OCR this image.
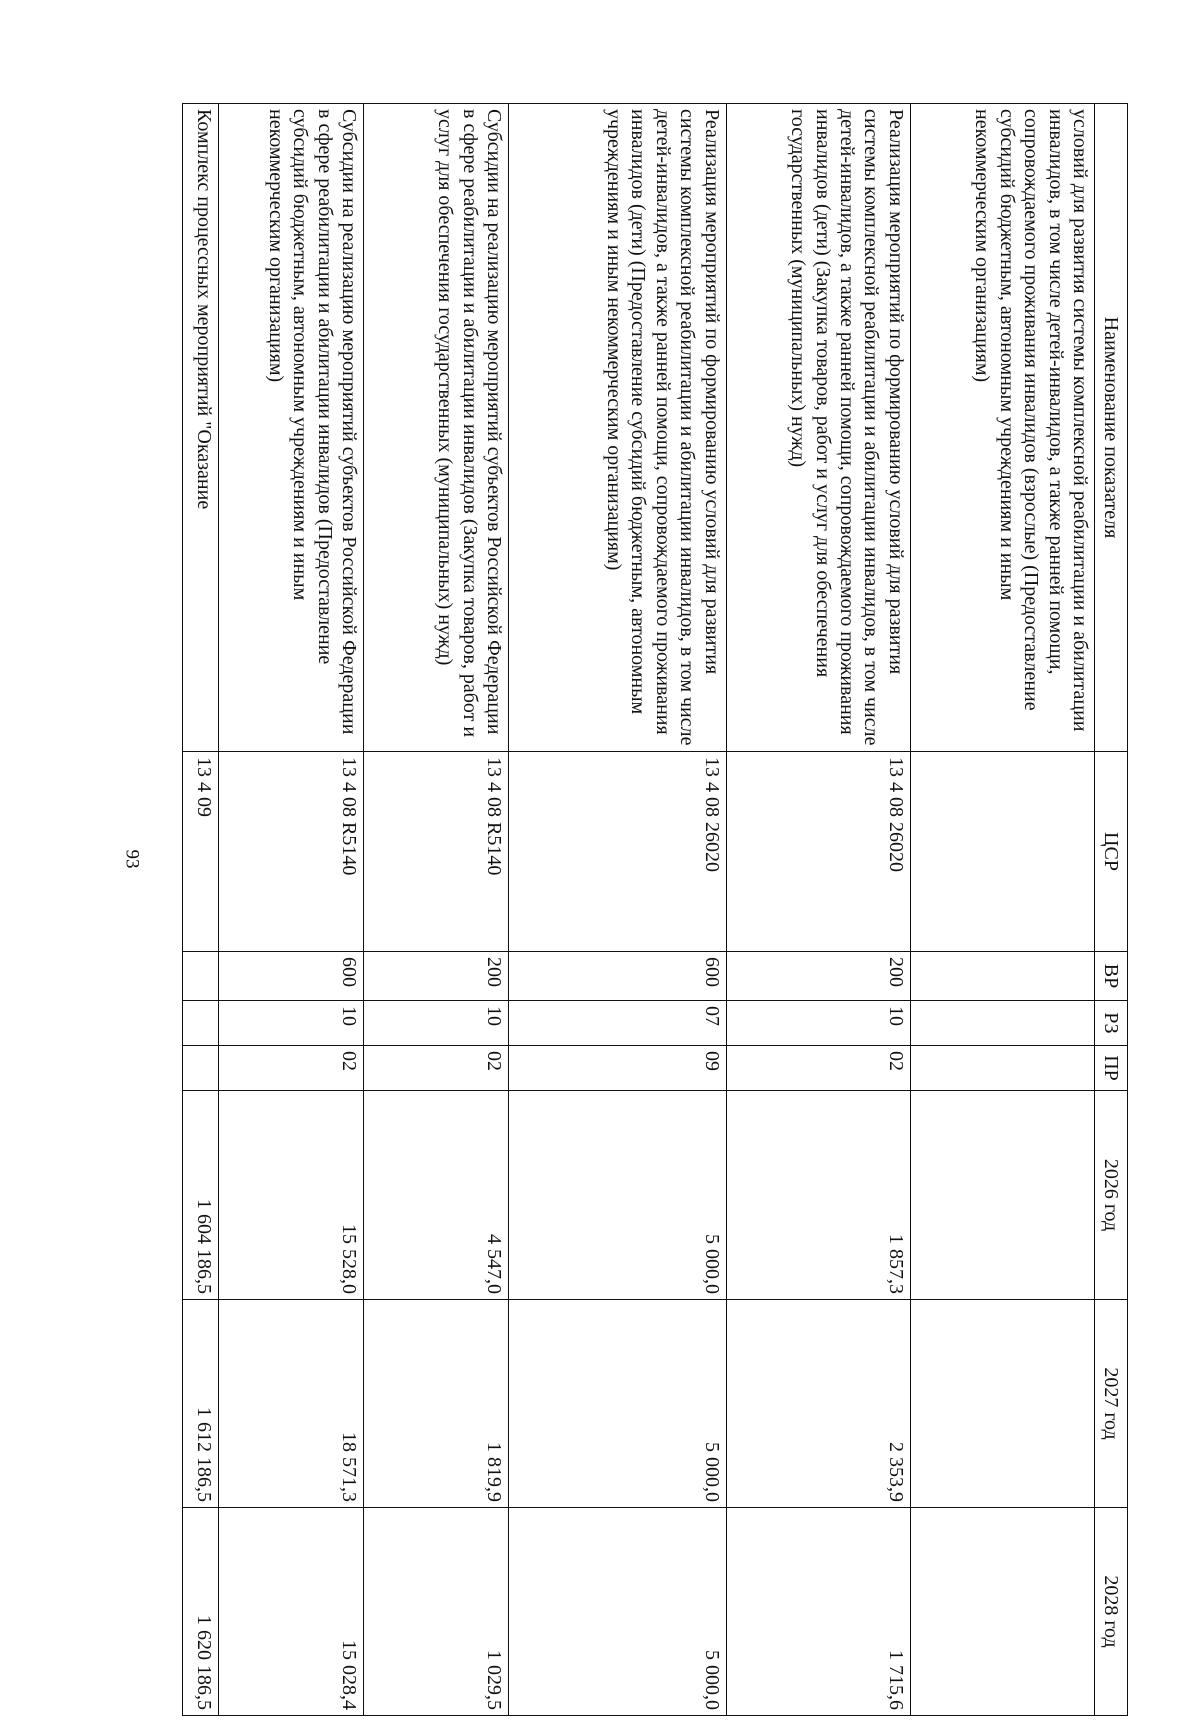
93
Наименование показателя	ЦСР	ВР	РЗ	ПР	2026 год	2027 год	2028 год
условий для развития системы комплексной реабилитации и абилитации инвалидов, в том числе детей-инвалидов, а также ранней помощи, сопровождаемого проживания инвалидов (взрослые) (Предоставление субсидий бюджетным, автономным учреждениям и иным некоммерческим организациям)							
Реализация мероприятий по формированию условий для развития системы комплексной реабилитации и абилитации инвалидов, в том числе детей-инвалидов, а также ранней помощи, сопровождаемого проживания инвалидов (дети) (Закупка товаров, работ и услуг для обеспечения государственных (муниципальных) нужд)	13 4 08 26020	200	10	02	1 857,3	2 353,9	1 715,6
Реализация мероприятий по формированию условий для развития системы комплексной реабилитации и абилитации инвалидов, в том числе детей-инвалидов, а также ранней помощи, сопровождаемого проживания инвалидов (дети) (Предоставление субсидий бюджетным, автономным учреждениям и иным некоммерческим организациям)	13 4 08 26020	600	07	09	5 000,0	5 000,0	5 000,0
Субсидии на реализацию мероприятий субъектов Российской Федерации в сфере реабилитации и абилитации инвалидов (Закупка товаров, работ и услуг для обеспечения государственных (муниципальных) нужд)	13 4 08 R5140	200	10	02	4 547,0	1 819,9	1 029,5
Субсидии на реализацию мероприятий субъектов Российской Федерации в сфере реабилитации и абилитации инвалидов (Предоставление субсидий бюджетным, автономным учреждениям и иным некоммерческим организациям)	13 4 08 R5140	600	10	02	15 528,0	18 571,3	15 028,4
Комплекс процессных мероприятий "Оказание	13 4 09				1 604 186,5	1 612 186,5	1 620 186,5
